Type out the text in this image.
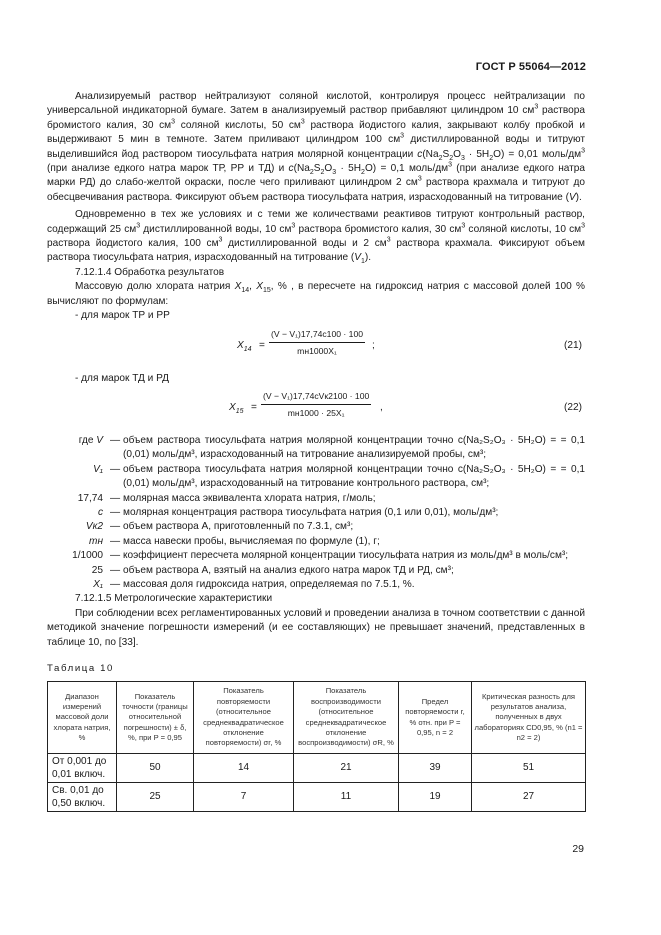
ГОСТ Р 55064—2012

Анализируемый раствор нейтрализуют соляной кислотой, контролируя процесс нейтрализации по универсальной индикаторной бумаге. Затем в анализируемый раствор прибавляют цилиндром 10 $см^3$ раствора бромистого калия, 30 $см^3$ соляной кислоты, 50 $см^3$ раствора йодистого калия, закрывают колбу пробкой и выдерживают 5 мин в темноте. Затем приливают цилиндром 100 $см^3$ дистиллированной воды и титруют выделившийся йод раствором тиосульфата натрия молярной концентрации $c(Na_2S_2O_3 \cdot 5H_2O) = 0,01$ моль/$дм^3$ (при анализе едкого натра марок ТР, РР и ТД) и $c(Na_2S_2O_3 \cdot 5H_2O) = 0,1$ моль/$дм^3$ (при анализе едкого натра марки РД) до слабо-желтой окраски, после чего приливают цилиндром 2 $см^3$ раствора крахмала и титруют до обесцвечивания раствора. Фиксируют объем раствора тиосульфата натрия, израсходованный на титрование (V).

Одновременно в тех же условиях и с теми же количествами реактивов титруют контрольный раствор, содержащий 25 $см^3$ дистиллированной воды, 10 $см^3$ раствора бромистого калия, 30 $см^3$ соляной кислоты, 10 $см^3$ раствора йодистого калия, 100 $см^3$ дистиллированной воды и 2 $см^3$ раствора крахмала. Фиксируют объем раствора тиосульфата натрия, израсходованный на титрование $(V_1)$.

7.12.1.4 Обработка результатов

Массовую долю хлората натрия $X_{14}$, $X_{15}$, % , в пересчете на гидроксид натрия с массовой долей 100 % вычисляют по формулам:

- для марок ТР и РР

$X_{14}$ =
(V − V₁)17,74c100 · 100
mн1000X₁
;	(21)

- для марок ТД и РД

$X_{15}$ =
(V − V₁)17,74cVк2100 · 100
mн1000 · 25X₁
,	(22)
где V — объем раствора тиосульфата натрия молярной концентрации точно c(Na₂S₂O₃ · 5H₂O) = = 0,1 (0,01) моль/дм³, израсходованный на титрование анализируемой пробы, см³;
V₁ — объем раствора тиосульфата натрия молярной концентрации точно c(Na₂S₂O₃ · 5H₂O) = = 0,1 (0,01) моль/дм³, израсходованный на титрование контрольного раствора, см³;
17,74 — молярная масса эквивалента хлората натрия, г/моль;
c — молярная концентрация раствора тиосульфата натрия (0,1 или 0,01), моль/дм³;
Vк2 — объем раствора А, приготовленный по 7.3.1, см³;
mн — масса навески пробы, вычисляемая по формуле (1), г;
1/1000 — коэффициент пересчета молярной концентрации тиосульфата натрия из моль/дм³ в моль/см³;
25 — объем раствора А, взятый на анализ едкого натра марок ТД и РД, см³;
X₁ — массовая доля гидроксида натрия, определяемая по 7.5.1, %.

7.12.1.5 Метрологические характеристики

При соблюдении всех регламентированных условий и проведении анализа в точном соответствии с данной методикой значение погрешности измерений (и ее составляющих) не превышает значений, представленных в таблице 10, по [33].

Таблица 10

Диапазон измерений массовой доли хлората натрия, %	Показатель точности (границы относительной погрешности) ± δ, %, при P = 0,95	Показатель повторяемости (относительное среднеквадратическое отклонение повторяемости) σr, %	Показатель воспроизводимости (относительное среднеквадратическое отклонение воспроизводимости) σR, %	Предел повторяемости r, % отн. при P = 0,95, n = 2	Критическая разность для результатов анализа, полученных в двух лабораториях CD0,95, % (n1 = n2 = 2)
От 0,001 до 0,01 включ.	50	14	21	39	51
Св. 0,01 до 0,50 включ.	25	7	11	19	27
29
